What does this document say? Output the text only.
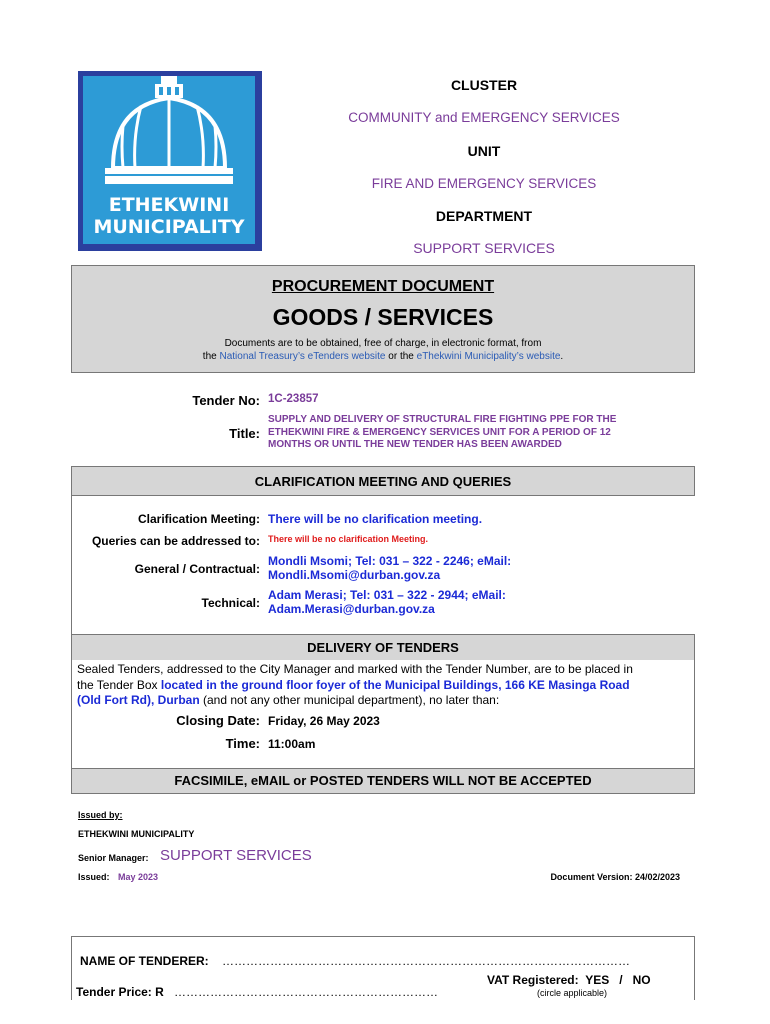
ETHEKWINI
MUNICIPALITY
CLUSTER
COMMUNITY and EMERGENCY SERVICES
UNIT
FIRE AND EMERGENCY SERVICES
DEPARTMENT
SUPPORT SERVICES
PROCUREMENT DOCUMENT
GOODS / SERVICES
Documents are to be obtained, free of charge, in electronic format, from
the National Treasury’s eTenders website or the eThekwini Municipality’s website.
Tender No: 1C-23857
Title:
SUPPLY AND DELIVERY OF STRUCTURAL FIRE FIGHTING PPE FOR THE
ETHEKWINI FIRE & EMERGENCY SERVICES UNIT FOR A PERIOD OF 12
MONTHS OR UNTIL THE NEW TENDER HAS BEEN AWARDED
CLARIFICATION MEETING AND QUERIES
Clarification Meeting: There will be no clarification meeting.
Queries can be addressed to: There will be no clarification Meeting.
General / Contractual:
Mondli Msomi; Tel: 031 – 322 - 2246; eMail:
Mondli.Msomi@durban.gov.za
Technical:
Adam Merasi; Tel: 031 – 322 - 2944; eMail:
Adam.Merasi@durban.gov.za
DELIVERY OF TENDERS
Sealed Tenders, addressed to the City Manager and marked with the Tender Number, are to be placed in
the Tender Box located in the ground floor foyer of the Municipal Buildings, 166 KE Masinga Road
(Old Fort Rd), Durban (and not any other municipal department), no later than:
Closing Date: Friday, 26 May 2023
Time: 11:00am
FACSIMILE, eMAIL or POSTED TENDERS WILL NOT BE ACCEPTED
Issued by:
ETHEKWINI MUNICIPALITY
Senior Manager: SUPPORT SERVICES
Issued: May 2023	Document Version: 24/02/2023
NAME OF TENDERER: …………………………………………………………………………………………
VAT Registered: YES / NO
(circle applicable)
Tender Price: R …………………………………………………………
